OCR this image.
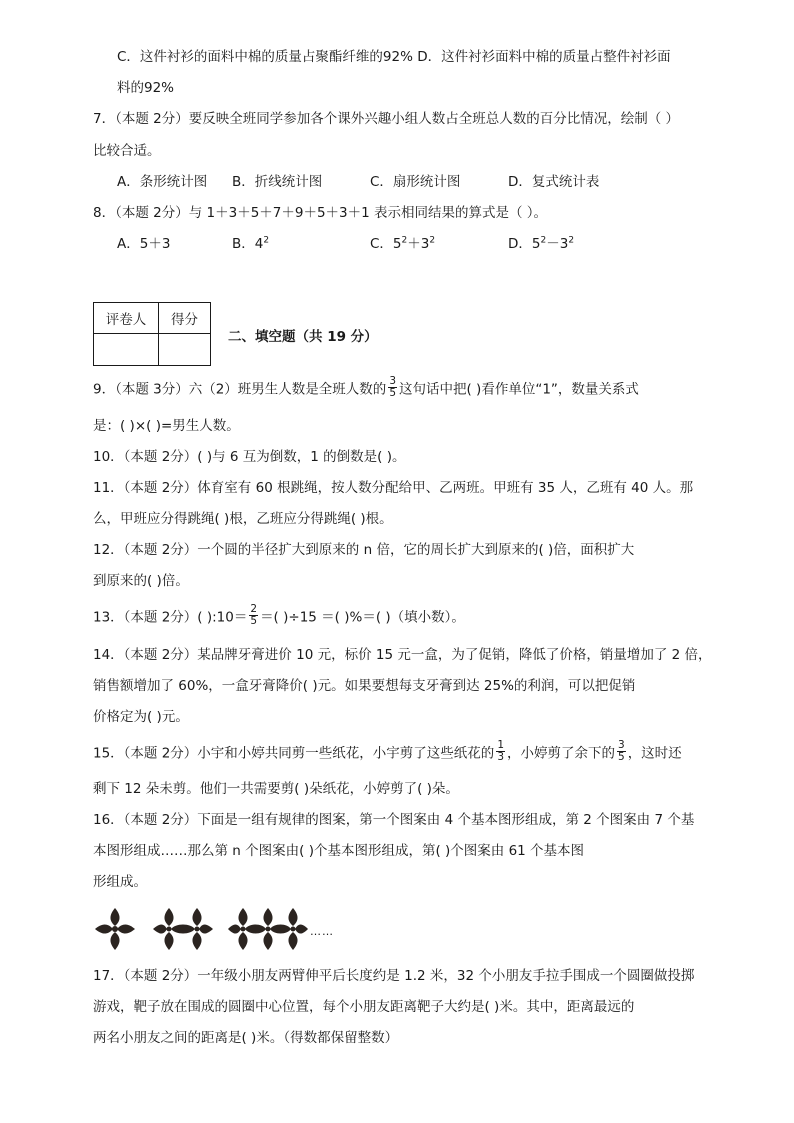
C．这件衬衫的面料中棉的质量占聚酯纤维的92% D．这件衬衫面料中棉的质量占整件衬衫面
料的92%
7．（本题 2分）要反映全班同学参加各个课外兴趣小组人数占全班总人数的百分比情况，绘制（ ）
比较合适。
A．条形统计图 B．折线统计图	C．扇形统计图	D．复式统计表
8．（本题 2分）与 1＋3＋5＋7＋9＋5＋3＋1 表示相同结果的算式是（ ）。
A．5＋3	B．$4^2$	C．$5^2+3^2$	D．$5^2-3^2$
评卷人	得分

二、填空题（共 19 分）
9．（本题 3分）六（2）班男生人数是全班人数的 $\frac{3}{5}$ 这句话中把( )看作单位“1”，数量关系式
是：( )×( )=男生人数。
10．（本题 2分）( )与 6 互为倒数，1 的倒数是( )。
11．（本题 2分）体育室有 60 根跳绳，按人数分配给甲、乙两班。甲班有 35 人，乙班有 40 人。那
么，甲班应分得跳绳( )根，乙班应分得跳绳( )根。
12．（本题 2分）一个圆的半径扩大到原来的 n 倍，它的周长扩大到原来的( )倍，面积扩大
到原来的( )倍。
13．（本题 2分）( ):10＝ $\frac{2}{5}$ ＝( )÷15 ＝( )%＝( )（填小数）。
14．（本题 2分）某品牌牙膏进价 10 元，标价 15 元一盒，为了促销，降低了价格，销量增加了 2 倍，
销售额增加了 60%，一盒牙膏降价( )元。如果要想每支牙膏到达 25%的利润，可以把促销
价格定为( )元。
15．（本题 2分）小宇和小婷共同剪一些纸花，小宇剪了这些纸花的 $\frac{1}{3}$ ，小婷剪了余下的 $\frac{3}{5}$ ，这时还
剩下 12 朵未剪。他们一共需要剪( )朵纸花，小婷剪了( )朵。
16．（本题 2分）下面是一组有规律的图案，第一个图案由 4 个基本图形组成，第 2 个图案由 7 个基
本图形组成……那么第 n 个图案由( )个基本图形组成，第( )个图案由 61 个基本图
形组成。
……
17．（本题 2分）一年级小朋友两臂伸平后长度约是 1.2 米，32 个小朋友手拉手围成一个圆圈做投掷
游戏，靶子放在围成的圆圈中心位置，每个小朋友距离靶子大约是( )米。其中，距离最远的
两名小朋友之间的距离是( )米。（得数都保留整数）
